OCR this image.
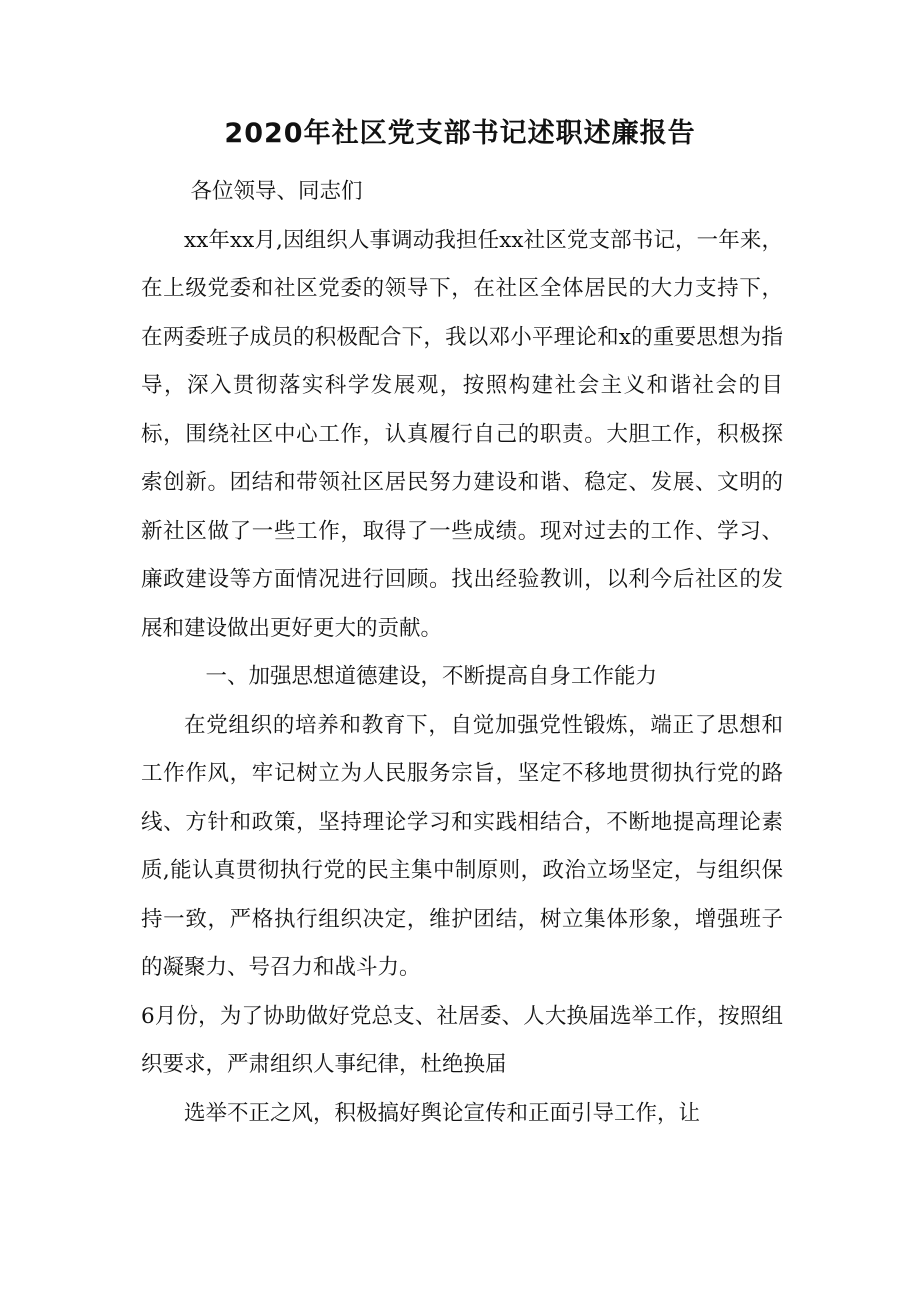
2020年社区党支部书记述职述廉报告

各位领导、同志们

xx年xx月,因组织人事调动我担任xx社区党支部书记，一年来，在上级党委和社区党委的领导下，在社区全体居民的大力支持下，在两委班子成员的积极配合下，我以邓小平理论和x的重要思想为指导，深入贯彻落实科学发展观，按照构建社会主义和谐社会的目标，围绕社区中心工作，认真履行自己的职责。大胆工作，积极探索创新。团结和带领社区居民努力建设和谐、稳定、发展、文明的新社区做了一些工作，取得了一些成绩。现对过去的工作、学习、廉政建设等方面情况进行回顾。找出经验教训，以利今后社区的发展和建设做出更好更大的贡献。

一、加强思想道德建设，不断提高自身工作能力

在党组织的培养和教育下，自觉加强党性锻炼，端正了思想和工作作风，牢记树立为人民服务宗旨，坚定不移地贯彻执行党的路线、方针和政策，坚持理论学习和实践相结合，不断地提高理论素质,能认真贯彻执行党的民主集中制原则，政治立场坚定，与组织保持一致，严格执行组织决定，维护团结，树立集体形象，增强班子的凝聚力、号召力和战斗力。

6月份，为了协助做好党总支、社居委、人大换届选举工作，按照组织要求，严肃组织人事纪律，杜绝换届

选举不正之风，积极搞好舆论宣传和正面引导工作，让
